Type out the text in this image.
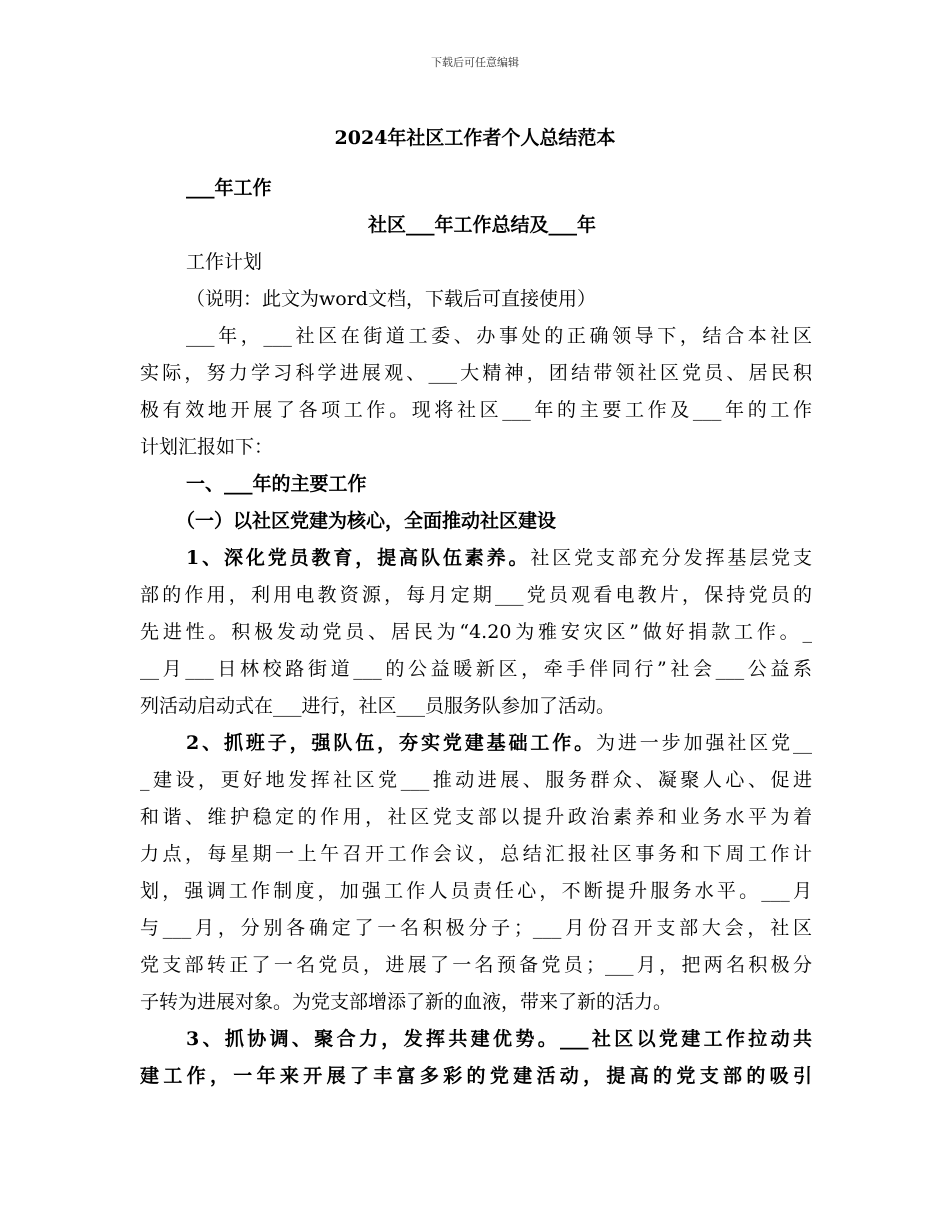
下载后可任意编辑
2024年社区工作者个人总结范本
___年工作
社区___年工作总结及___年
工作计划
（说明：此文为word文档，下载后可直接使用）
___年，___社区在街道工委、办事处的正确领导下，结合本社区
实际，努力学习科学进展观、___大精神，团结带领社区党员、居民积
极有效地开展了各项工作。现将社区___年的主要工作及___年的工作
计划汇报如下：
一、___年的主要工作
（一）以社区党建为核心，全面推动社区建设
1、深化党员教育，提高队伍素养。社区党支部充分发挥基层党支
部的作用，利用电教资源，每月定期___党员观看电教片，保持党员的
先进性。积极发动党员、居民为“4.20为雅安灾区”做好捐款工作。_
__月___日林校路街道___的公益暖新区，牵手伴同行”社会___公益系
列活动启动式在___进行，社区___员服务队参加了活动。
2、抓班子，强队伍，夯实党建基础工作。为进一步加强社区党__
_建设，更好地发挥社区党___推动进展、服务群众、凝聚人心、促进
和谐、维护稳定的作用，社区党支部以提升政治素养和业务水平为着
力点，每星期一上午召开工作会议，总结汇报社区事务和下周工作计
划，强调工作制度，加强工作人员责任心，不断提升服务水平。___月
与___月，分别各确定了一名积极分子；___月份召开支部大会，社区
党支部转正了一名党员，进展了一名预备党员；___月，把两名积极分
子转为进展对象。为党支部增添了新的血液，带来了新的活力。
3、抓协调、聚合力，发挥共建优势。___社区以党建工作拉动共
建工作，一年来开展了丰富多彩的党建活动，提高的党支部的吸引
